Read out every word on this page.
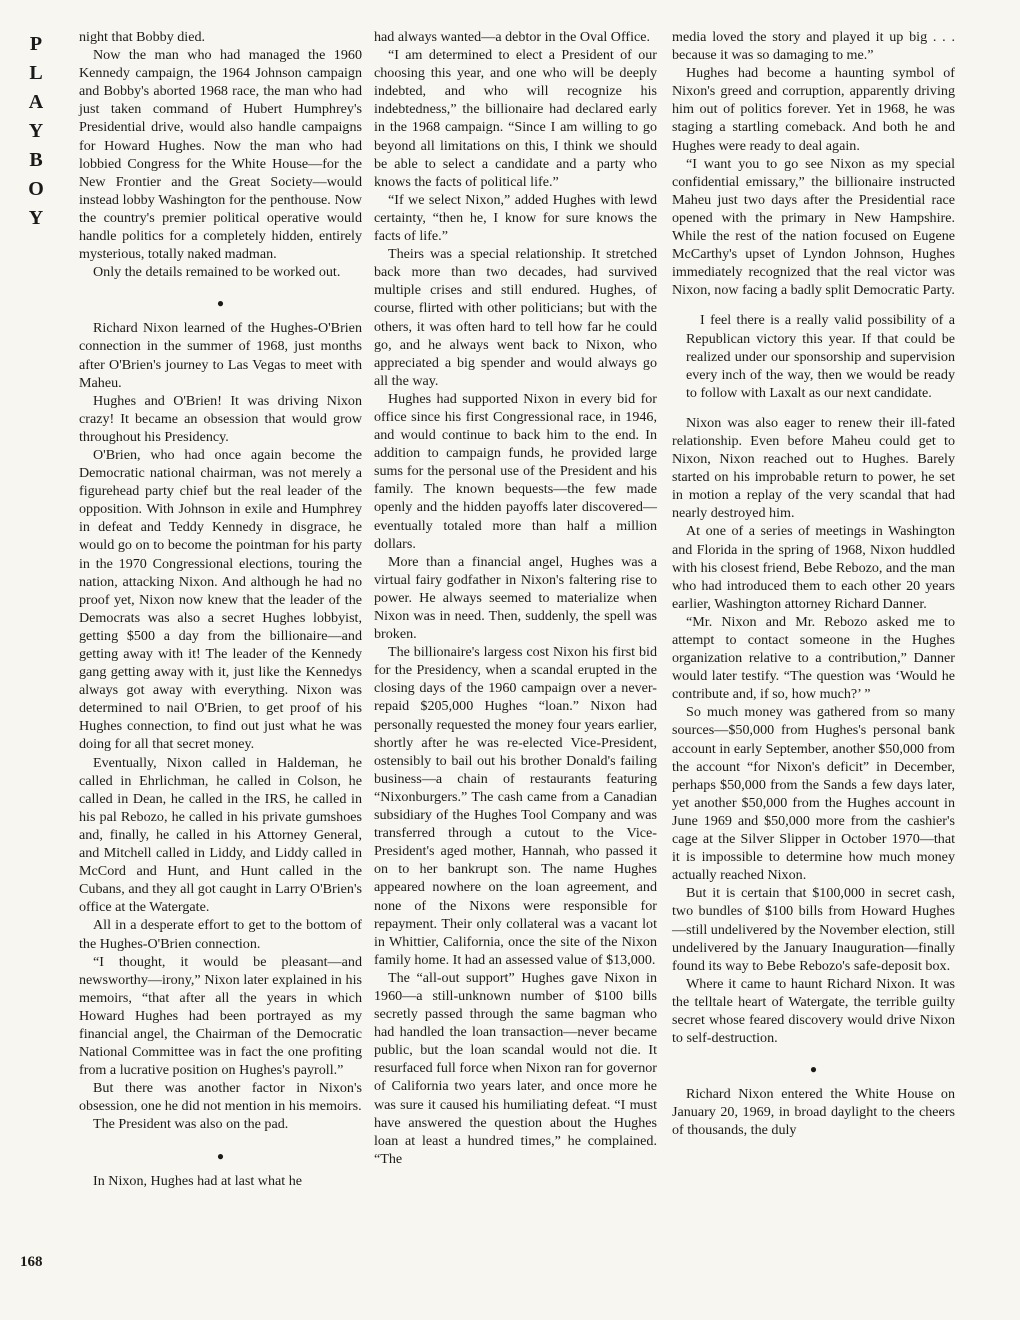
P
L
A
Y
B
O
Y
168

night that Bobby died.

Now the man who had managed the 1960 Kennedy campaign, the 1964 Johnson campaign and Bobby's aborted 1968 race, the man who had just taken command of Hubert Humphrey's Presidential drive, would also handle campaigns for Howard Hughes. Now the man who had lobbied Congress for the White House—for the New Frontier and the Great Society—would instead lobby Washington for the penthouse. Now the country's premier political operative would handle politics for a completely hidden, entirely mysterious, totally naked madman.

Only the details remained to be worked out.

●

Richard Nixon learned of the Hughes-O'Brien connection in the summer of 1968, just months after O'Brien's journey to Las Vegas to meet with Maheu.

Hughes and O'Brien! It was driving Nixon crazy! It became an obsession that would grow throughout his Presidency.

O'Brien, who had once again become the Democratic national chairman, was not merely a figurehead party chief but the real leader of the opposition. With Johnson in exile and Humphrey in defeat and Teddy Kennedy in disgrace, he would go on to become the pointman for his party in the 1970 Congressional elections, touring the nation, attacking Nixon. And although he had no proof yet, Nixon now knew that the leader of the Democrats was also a secret Hughes lobbyist, getting $500 a day from the billionaire—and getting away with it! The leader of the Kennedy gang getting away with it, just like the Kennedys always got away with everything. Nixon was determined to nail O'Brien, to get proof of his Hughes connection, to find out just what he was doing for all that secret money.

Eventually, Nixon called in Haldeman, he called in Ehrlichman, he called in Colson, he called in Dean, he called in the IRS, he called in his pal Rebozo, he called in his private gumshoes and, finally, he called in his Attorney General, and Mitchell called in Liddy, and Liddy called in McCord and Hunt, and Hunt called in the Cubans, and they all got caught in Larry O'Brien's office at the Watergate.

All in a desperate effort to get to the bottom of the Hughes-O'Brien connection.

“I thought, it would be pleasant—and newsworthy—irony,” Nixon later explained in his memoirs, “that after all the years in which Howard Hughes had been portrayed as my financial angel, the Chairman of the Democratic National Committee was in fact the one profiting from a lucrative position on Hughes's payroll.”

But there was another factor in Nixon's obsession, one he did not mention in his memoirs.

The President was also on the pad.

●

In Nixon, Hughes had at last what he

had always wanted—a debtor in the Oval Office.

“I am determined to elect a President of our choosing this year, and one who will be deeply indebted, and who will recognize his indebtedness,” the billionaire had declared early in the 1968 campaign. “Since I am willing to go beyond all limitations on this, I think we should be able to select a candidate and a party who knows the facts of political life.”

“If we select Nixon,” added Hughes with lewd certainty, “then he, I know for sure knows the facts of life.”

Theirs was a special relationship. It stretched back more than two decades, had survived multiple crises and still endured. Hughes, of course, flirted with other politicians; but with the others, it was often hard to tell how far he could go, and he always went back to Nixon, who appreciated a big spender and would always go all the way.

Hughes had supported Nixon in every bid for office since his first Congressional race, in 1946, and would continue to back him to the end. In addition to campaign funds, he provided large sums for the personal use of the President and his family. The known bequests—the few made openly and the hidden payoffs later discovered—eventually totaled more than half a million dollars.

More than a financial angel, Hughes was a virtual fairy godfather in Nixon's faltering rise to power. He always seemed to materialize when Nixon was in need. Then, suddenly, the spell was broken.

The billionaire's largess cost Nixon his first bid for the Presidency, when a scandal erupted in the closing days of the 1960 campaign over a never-repaid $205,000 Hughes “loan.” Nixon had personally requested the money four years earlier, shortly after he was re-elected Vice-President, ostensibly to bail out his brother Donald's failing business—a chain of restaurants featuring “Nixonburgers.” The cash came from a Canadian subsidiary of the Hughes Tool Company and was transferred through a cutout to the Vice-President's aged mother, Hannah, who passed it on to her bankrupt son. The name Hughes appeared nowhere on the loan agreement, and none of the Nixons were responsible for repayment. Their only collateral was a vacant lot in Whittier, California, once the site of the Nixon family home. It had an assessed value of $13,000.

The “all-out support” Hughes gave Nixon in 1960—a still-unknown number of $100 bills secretly passed through the same bagman who had handled the loan transaction—never became public, but the loan scandal would not die. It resurfaced full force when Nixon ran for governor of California two years later, and once more he was sure it caused his humiliating defeat. “I must have answered the question about the Hughes loan at least a hundred times,” he complained. “The

media loved the story and played it up big . . . because it was so damaging to me.”

Hughes had become a haunting symbol of Nixon's greed and corruption, apparently driving him out of politics forever. Yet in 1968, he was staging a startling comeback. And both he and Hughes were ready to deal again.

“I want you to go see Nixon as my special confidential emissary,” the billionaire instructed Maheu just two days after the Presidential race opened with the primary in New Hampshire. While the rest of the nation focused on Eugene McCarthy's upset of Lyndon Johnson, Hughes immediately recognized that the real victor was Nixon, now facing a badly split Democratic Party.

I feel there is a really valid possibility of a Republican victory this year. If that could be realized under our sponsorship and supervision every inch of the way, then we would be ready to follow with Laxalt as our next candidate.

Nixon was also eager to renew their ill-fated relationship. Even before Maheu could get to Nixon, Nixon reached out to Hughes. Barely started on his improbable return to power, he set in motion a replay of the very scandal that had nearly destroyed him.

At one of a series of meetings in Washington and Florida in the spring of 1968, Nixon huddled with his closest friend, Bebe Rebozo, and the man who had introduced them to each other 20 years earlier, Washington attorney Richard Danner.

“Mr. Nixon and Mr. Rebozo asked me to attempt to contact someone in the Hughes organization relative to a contribution,” Danner would later testify. “The question was ‘Would he contribute and, if so, how much?’ ”

So much money was gathered from so many sources—$50,000 from Hughes's personal bank account in early September, another $50,000 from the account “for Nixon's deficit” in December, perhaps $50,000 from the Sands a few days later, yet another $50,000 from the Hughes account in June 1969 and $50,000 more from the cashier's cage at the Silver Slipper in October 1970—that it is impossible to determine how much money actually reached Nixon.

But it is certain that $100,000 in secret cash, two bundles of $100 bills from Howard Hughes—still undelivered by the November election, still undelivered by the January Inauguration—finally found its way to Bebe Rebozo's safe-deposit box.

Where it came to haunt Richard Nixon. It was the telltale heart of Watergate, the terrible guilty secret whose feared discovery would drive Nixon to self-destruction.

●

Richard Nixon entered the White House on January 20, 1969, in broad daylight to the cheers of thousands, the duly
